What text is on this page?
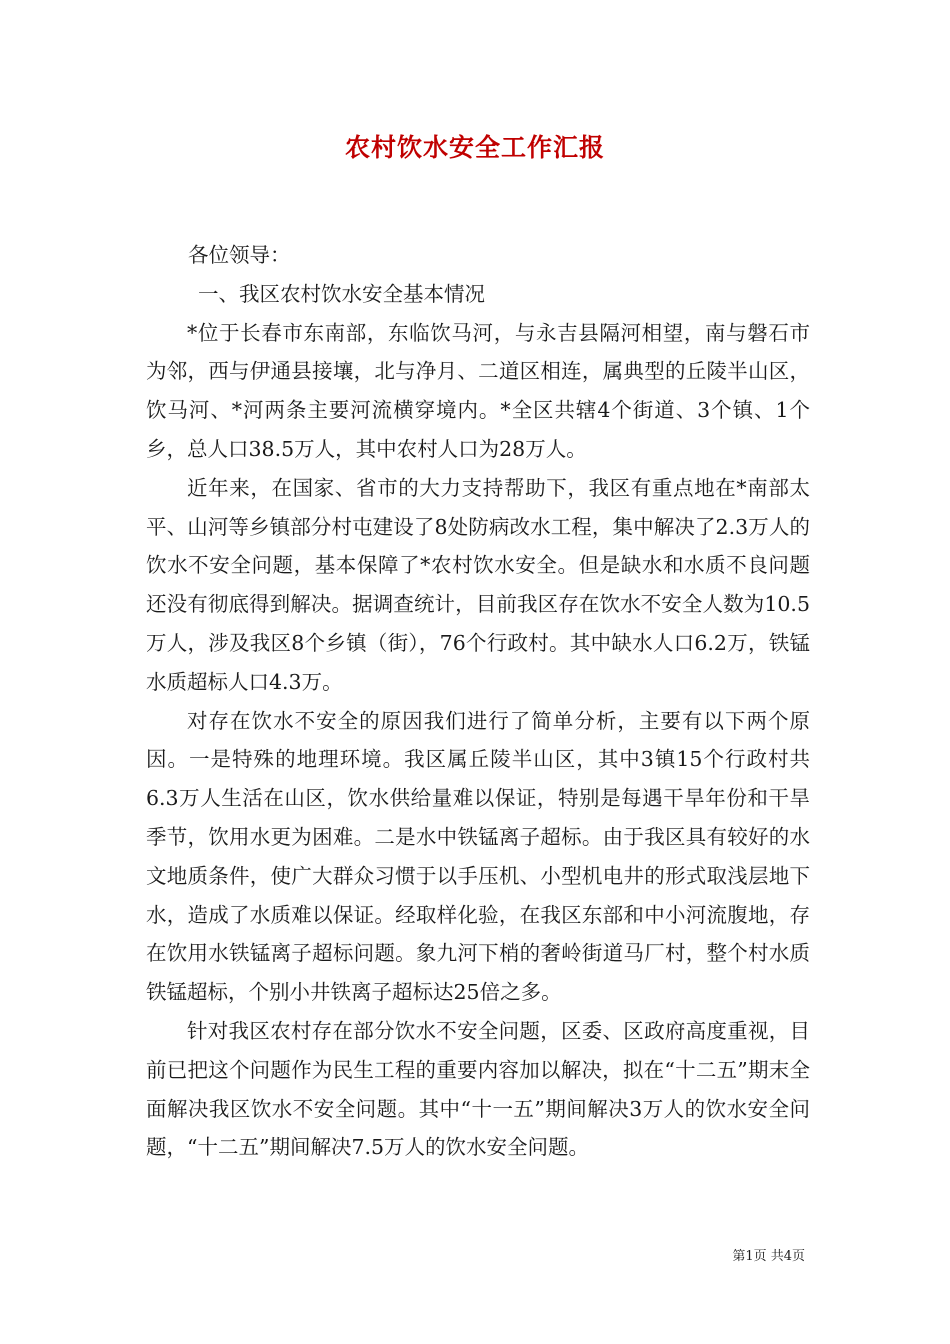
农村饮水安全工作汇报

各位领导：

一、我区农村饮水安全基本情况

*位于长春市东南部，东临饮马河，与永吉县隔河相望，南与磐石市为邻，西与伊通县接壤，北与净月、二道区相连，属典型的丘陵半山区，饮马河、*河两条主要河流横穿境内。*全区共辖4个街道、3个镇、1个乡，总人口38.5万人，其中农村人口为28万人。

近年来，在国家、省市的大力支持帮助下，我区有重点地在*南部太平、山河等乡镇部分村屯建设了8处防病改水工程，集中解决了2.3万人的饮水不安全问题，基本保障了*农村饮水安全。但是缺水和水质不良问题还没有彻底得到解决。据调查统计，目前我区存在饮水不安全人数为10.5万人，涉及我区8个乡镇（街），76个行政村。其中缺水人口6.2万，铁锰水质超标人口4.3万。

对存在饮水不安全的原因我们进行了简单分析，主要有以下两个原因。一是特殊的地理环境。我区属丘陵半山区，其中3镇15个行政村共6.3万人生活在山区，饮水供给量难以保证，特别是每遇干旱年份和干旱季节，饮用水更为困难。二是水中铁锰离子超标。由于我区具有较好的水文地质条件，使广大群众习惯于以手压机、小型机电井的形式取浅层地下水，造成了水质难以保证。经取样化验，在我区东部和中小河流腹地，存在饮用水铁锰离子超标问题。象九河下梢的奢岭街道马厂村，整个村水质铁锰超标，个别小井铁离子超标达25倍之多。

针对我区农村存在部分饮水不安全问题，区委、区政府高度重视，目前已把这个问题作为民生工程的重要内容加以解决，拟在“十二五”期末全面解决我区饮水不安全问题。其中“十一五”期间解决3万人的饮水安全问题，“十二五”期间解决7.5万人的饮水安全问题。

第1页 共4页
